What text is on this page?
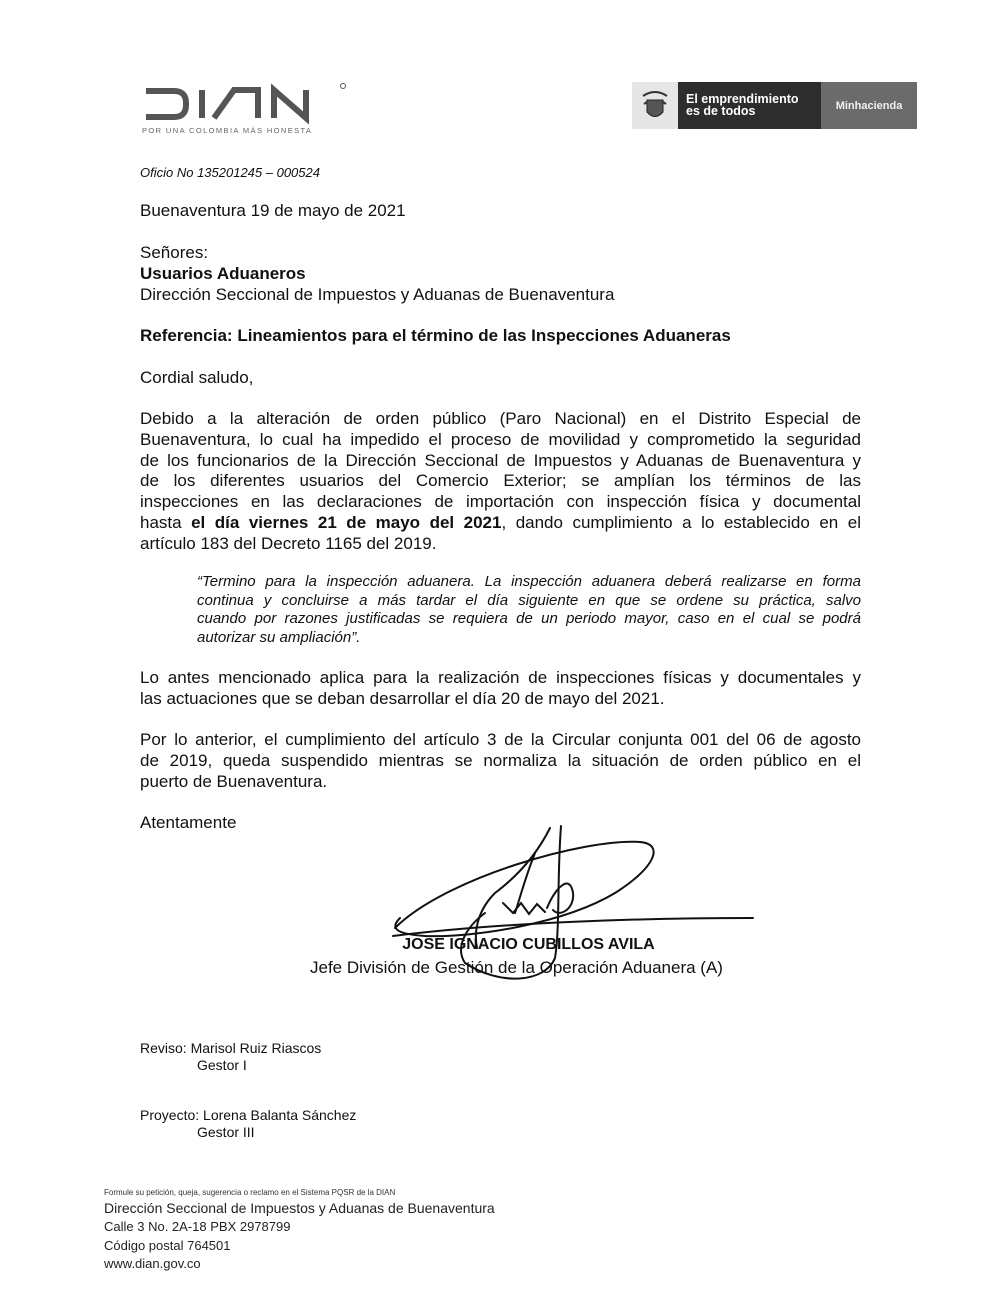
POR UNA COLOMBIA MÁS HONESTA
El emprendimiento
es de todos	Minhacienda
Oficio No 135201245 – 000524
Buenaventura 19 de mayo de 2021
Señores:
Usuarios Aduaneros
Dirección Seccional de Impuestos y Aduanas de Buenaventura
Referencia: Lineamientos para el término de las Inspecciones Aduaneras
Cordial saludo,
Debido a la alteración de orden público (Paro Nacional) en el Distrito Especial de
Buenaventura, lo cual ha impedido el proceso de movilidad y comprometido la seguridad
de los funcionarios de la Dirección Seccional de Impuestos y Aduanas de Buenaventura y
de los diferentes usuarios del Comercio Exterior; se amplían los términos de las
inspecciones en las declaraciones de importación con inspección física y documental
hasta el día viernes 21 de mayo del 2021, dando cumplimiento a lo establecido en el
artículo 183 del Decreto 1165 del 2019.
“Termino para la inspección aduanera. La inspección aduanera deberá realizarse en forma
continua y concluirse a más tardar el día siguiente en que se ordene su práctica, salvo
cuando por razones justificadas se requiera de un periodo mayor, caso en el cual se podrá
autorizar su ampliación”.
Lo antes mencionado aplica para la realización de inspecciones físicas y documentales y
las actuaciones que se deban desarrollar el día 20 de mayo del 2021.
Por lo anterior, el cumplimiento del artículo 3 de la Circular conjunta 001 del 06 de agosto
de 2019, queda suspendido mientras se normaliza la situación de orden público en el
puerto de Buenaventura.
Atentamente
JOSE IGNACIO CUBILLOS AVILA
Jefe División de Gestión de la Operación Aduanera (A)
Reviso: Marisol Ruiz Riascos
Gestor I
Proyecto: Lorena Balanta Sánchez
Gestor III
Formule su petición, queja, sugerencia o reclamo en el Sistema PQSR de la DIAN
Dirección Seccional de Impuestos y Aduanas de Buenaventura
Calle 3 No. 2A-18 PBX 2978799
Código postal 764501
www.dian.gov.co
